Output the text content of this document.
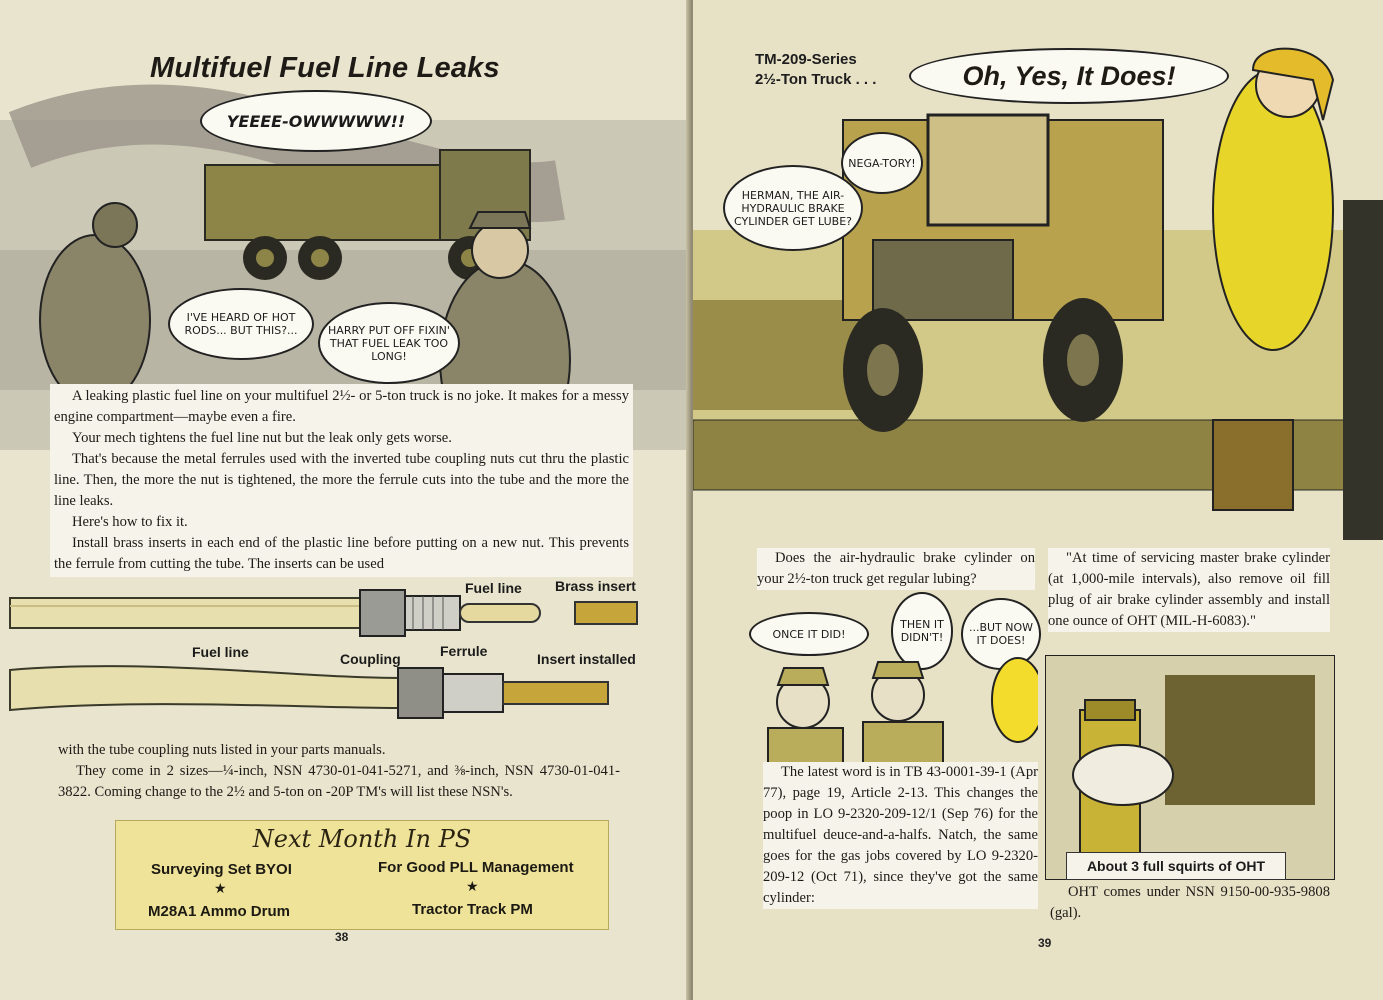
Multifuel Fuel Line Leaks
YEEEE-OWWWWW!!
I'VE HEARD OF HOT RODS... BUT THIS?...	HARRY PUT OFF FIXIN' THAT FUEL LEAK TOO LONG!

A leaking plastic fuel line on your multifuel 2½- or 5-ton truck is no joke. It makes for a messy engine compartment—maybe even a fire.

Your mech tightens the fuel line nut but the leak only gets worse.

That's because the metal ferrules used with the inverted tube coupling nuts cut thru the plastic line. Then, the more the nut is tightened, the more the ferrule cuts into the tube and the more the line leaks.

Here's how to fix it.

Install brass inserts in each end of the plastic line before putting on a new nut. This prevents the ferrule from cutting the tube. The inserts can be used

Fuel line Brass insert
Fuel line	Coupling	Ferrule	Insert installed

with the tube coupling nuts listed in your parts manuals.

They come in 2 sizes—¼-inch, NSN 4730-01-041-5271, and ⅜-inch, NSN 4730-01-041-3822. Coming change to the 2½ and 5-ton on -20P TM's will list these NSN's.

Next Month In PS
Surveying Set BYOI	For Good PLL Management
★	★
M28A1 Ammo Drum	Tractor Track PM
38
TM-209-Series
2½-Ton Truck . . .	Oh, Yes, It Does!
NEGA-TORY!
HERMAN, THE AIR-HYDRAULIC BRAKE CYLINDER GET LUBE?

Does the air-hydraulic brake cylinder on your 2½-ton truck get regular lubing?

"At time of servicing master brake cylinder (at 1,000-mile intervals), also remove oil fill plug of air brake cylinder assembly and install one ounce of OHT (MIL-H-6083)."

ONCE IT DID!
THEN IT DIDN'T!
...BUT NOW IT DOES!

The latest word is in TB 43-0001-39-1 (Apr 77), page 19, Article 2-13. This changes the poop in LO 9-2320-209-12/1 (Sep 76) for the multifuel deuce-and-a-halfs. Natch, the same goes for the gas jobs covered by LO 9-2320-209-12 (Oct 71), since they've got the same cylinder:

About 3 full squirts of OHT

OHT comes under NSN 9150-00-935-9808 (gal).

39
